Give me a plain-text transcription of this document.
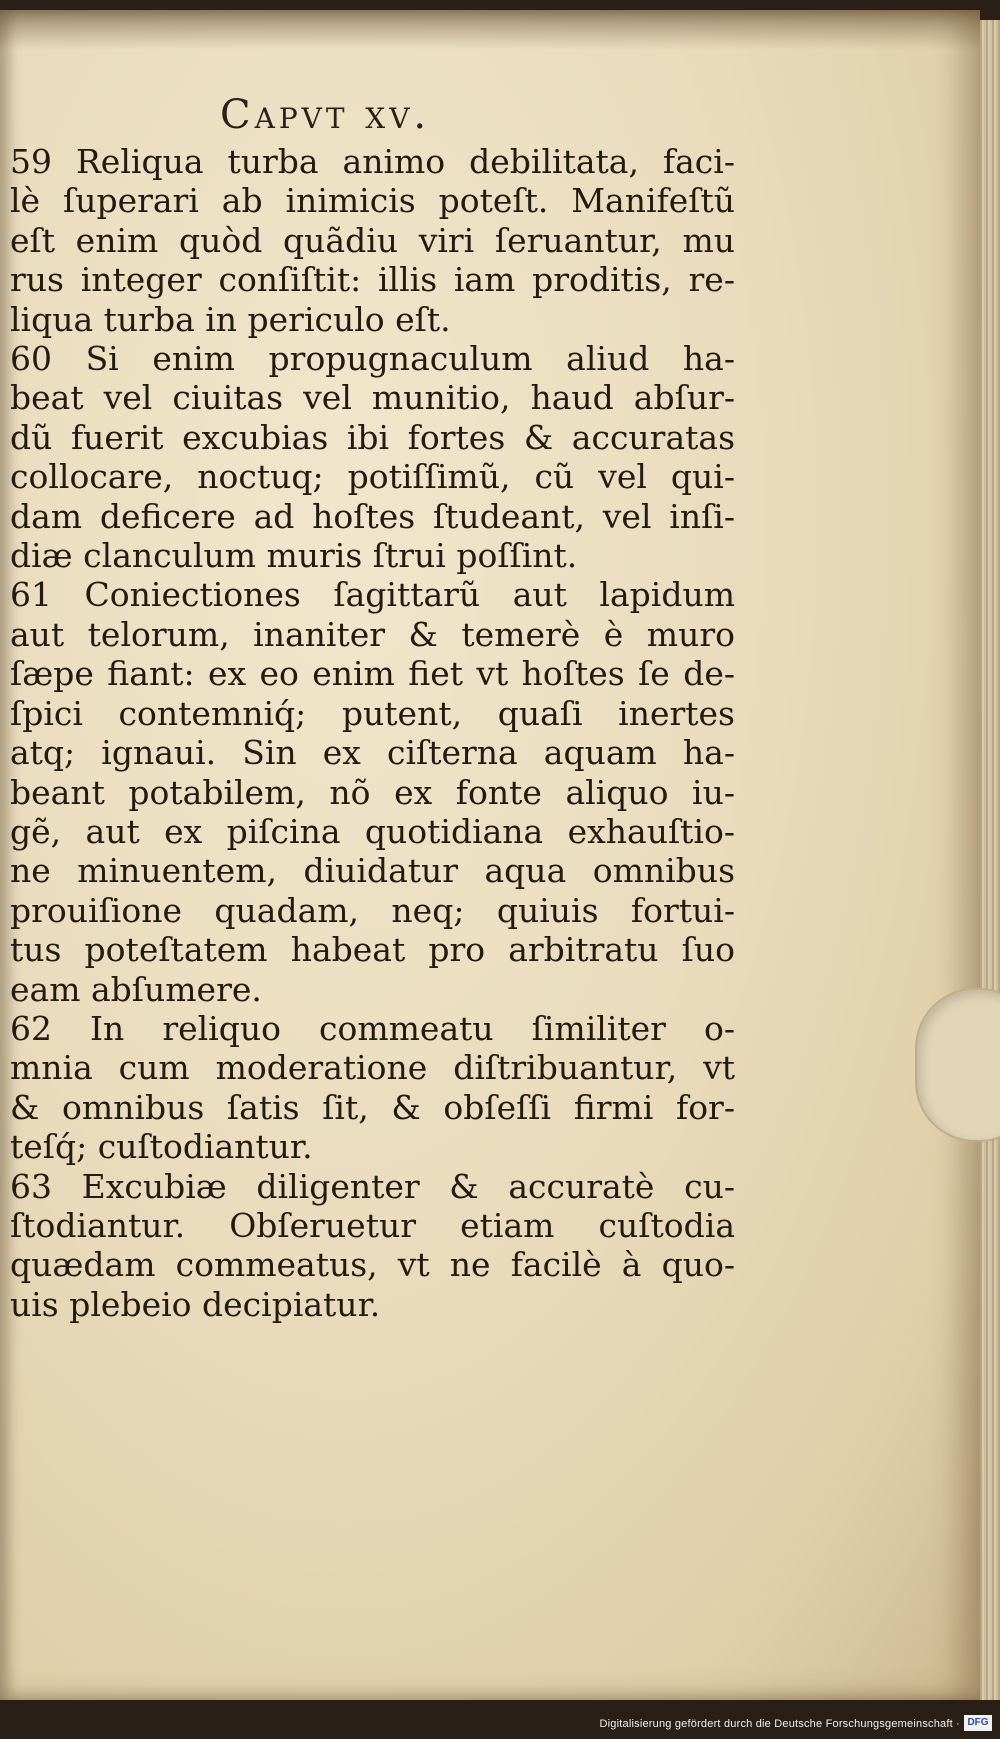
Capvt xv.
59 Reliqua turba animo debilitata, faci-
lè ſuperari ab inimicis poteſt. Manifeſtũ
eſt enim quòd quãdiu viri ſeruantur, mu
rus integer conſiſtit: illis iam proditis, re-
liqua turba in periculo eſt.
60 Si enim propugnaculum aliud ha-
beat vel ciuitas vel munitio, haud abſur-
dũ fuerit excubias ibi fortes & accuratas
collocare, noctuq; potiſſimũ, cũ vel qui-
dam deficere ad hoſtes ſtudeant, vel inſi-
diæ clanculum muris ſtrui poſſint.
61 Coniectiones ſagittarũ aut lapidum
aut telorum, inaniter & temerè è muro
ſæpe fiant: ex eo enim fiet vt hoſtes ſe de-
ſpici contemniq́; putent, quaſi inertes
atq; ignaui. Sin ex ciſterna aquam ha-
beant potabilem, nõ ex fonte aliquo iu-
gẽ, aut ex piſcina quotidiana exhauſtio-
ne minuentem, diuidatur aqua omnibus
prouiſione quadam, neq; quiuis fortui-
tus poteſtatem habeat pro arbitratu ſuo
eam abſumere.
62 In reliquo commeatu ſimiliter o-
mnia cum moderatione diſtribuantur, vt
& omnibus ſatis ſit, & obſeſſi firmi for-
teſq́; cuſtodiantur.
63 Excubiæ diligenter & accuratè cu-
ſtodiantur. Obſeruetur etiam cuſtodia
quædam commeatus, vt ne facilè à quo-
uis plebeio decipiatur.
Digitalisierung gefördert durch die Deutsche Forschungsgemeinschaft · DFG
